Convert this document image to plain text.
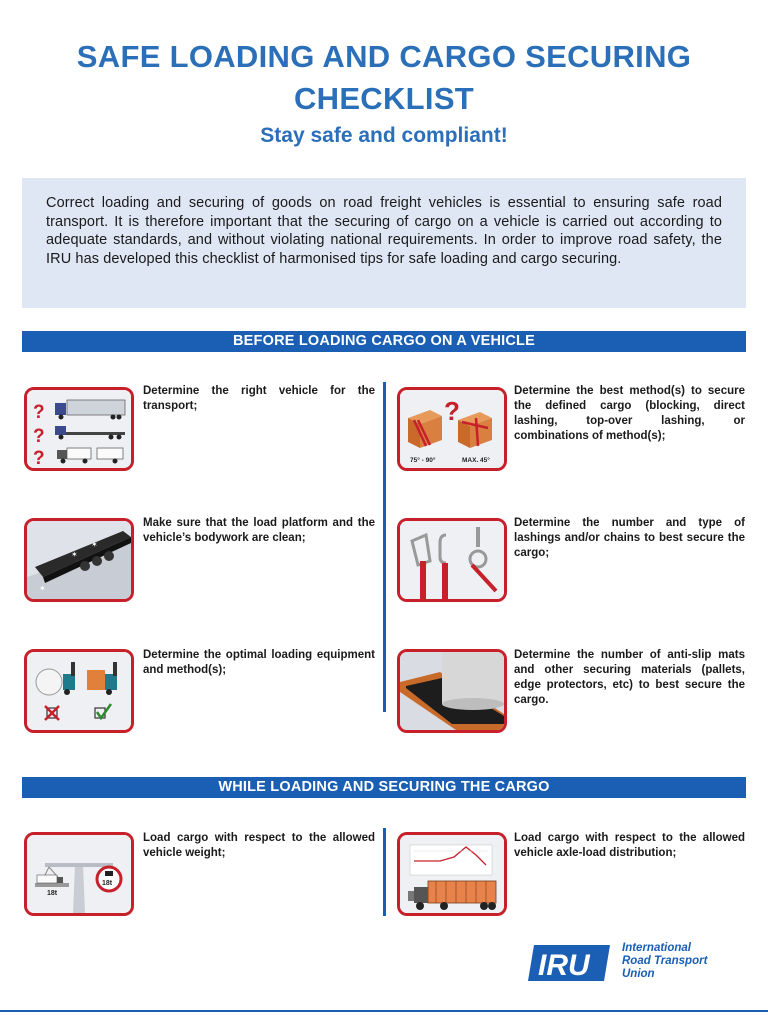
SAFE LOADING AND CARGO SECURING CHECKLIST
Stay safe and compliant!

Correct loading and securing of goods on road freight vehicles is essential to ensuring safe road transport. It is therefore important that the securing of cargo on a vehicle is carried out according to adequate standards, and without violating national requirements. In order to improve road safety, the IRU has developed this checklist of harmonised tips for safe loading and cargo securing.

BEFORE LOADING CARGO ON A VEHICLE
?
?
?
Determine the right vehicle for the transport;	?
75° - 90°	MAX. 45°
Determine the best method(s) to secure the defined cargo (blocking, direct lashing, top-over lashing, or combinations of method(s);
✶
✶
✶
Make sure that the load platform and the vehicle’s bodywork are clean;
Determine the number and type of lashings and/or chains to best secure the cargo;
Determine the optimal loading equipment and method(s);
Determine the number of anti-slip mats and other securing materials (pallets, edge protectors, etc) to best secure the cargo.
WHILE LOADING AND SECURING THE CARGO
18t
18t
Load cargo with respect to the allowed vehicle weight;
Load cargo with respect to the allowed vehicle axle-load distribution;
IRU
International
Road Transport
Union
